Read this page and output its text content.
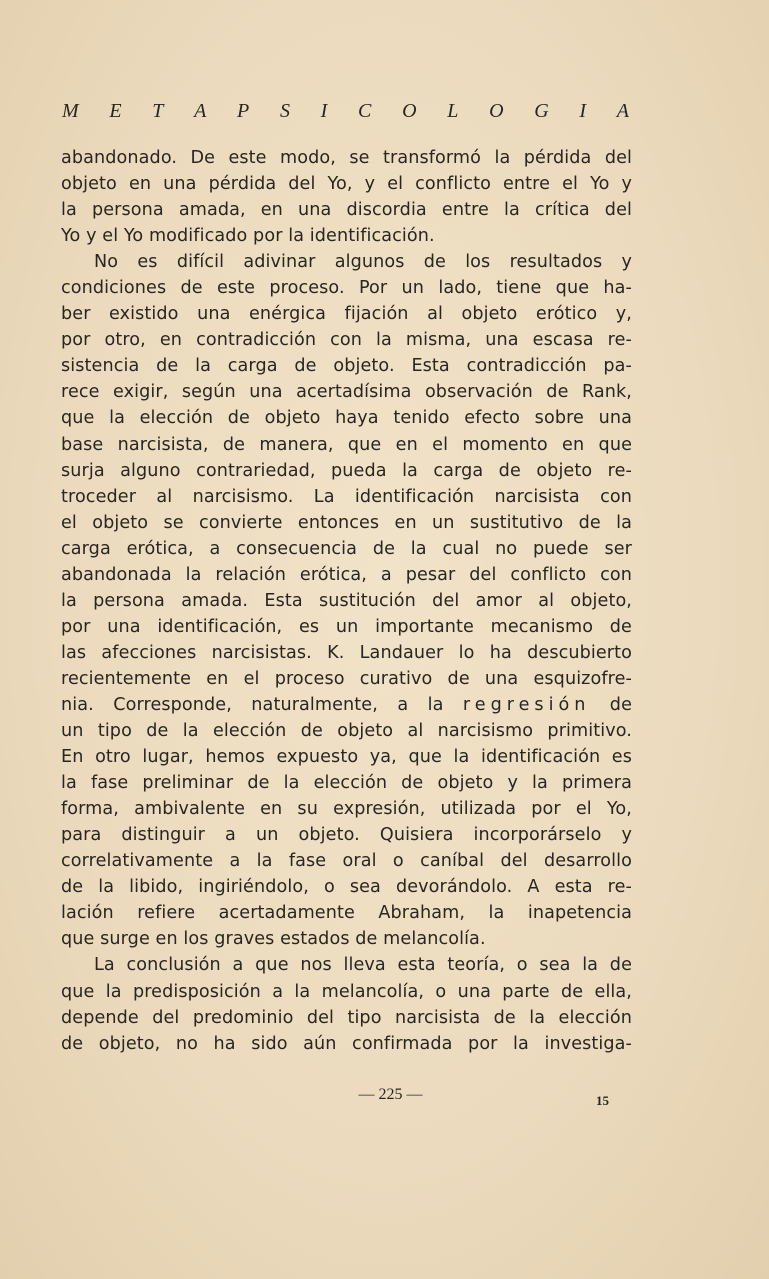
M E T A P S I C O L O G I A
abandonado. De este modo, se transformó la pérdida del
objeto en una pérdida del Yo, y el conflicto entre el Yo y
la persona amada, en una discordia entre la crítica del
Yo y el Yo modificado por la identificación.
No es difícil adivinar algunos de los resultados y
condiciones de este proceso. Por un lado, tiene que ha-
ber existido una enérgica fijación al objeto erótico y,
por otro, en contradicción con la misma, una escasa re-
sistencia de la carga de objeto. Esta contradicción pa-
rece exigir, según una acertadísima observación de Rank,
que la elección de objeto haya tenido efecto sobre una
base narcisista, de manera, que en el momento en que
surja alguno contrariedad, pueda la carga de objeto re-
troceder al narcisismo. La identificación narcisista con
el objeto se convierte entonces en un sustitutivo de la
carga erótica, a consecuencia de la cual no puede ser
abandonada la relación erótica, a pesar del conflicto con
la persona amada. Esta sustitución del amor al objeto,
por una identificación, es un importante mecanismo de
las afecciones narcisistas. K. Landauer lo ha descubierto
recientemente en el proceso curativo de una esquizofre-
nia. Corresponde, naturalmente, a la regresión de
un tipo de la elección de objeto al narcisismo primitivo.
En otro lugar, hemos expuesto ya, que la identificación es
la fase preliminar de la elección de objeto y la primera
forma, ambivalente en su expresión, utilizada por el Yo,
para distinguir a un objeto. Quisiera incorporárselo y
correlativamente a la fase oral o caníbal del desarrollo
de la libido, ingiriéndolo, o sea devorándolo. A esta re-
lación refiere acertadamente Abraham, la inapetencia
que surge en los graves estados de melancolía.
La conclusión a que nos lleva esta teoría, o sea la de
que la predisposición a la melancolía, o una parte de ella,
depende del predominio del tipo narcisista de la elección
de objeto, no ha sido aún confirmada por la investiga-
— 225 —	15
